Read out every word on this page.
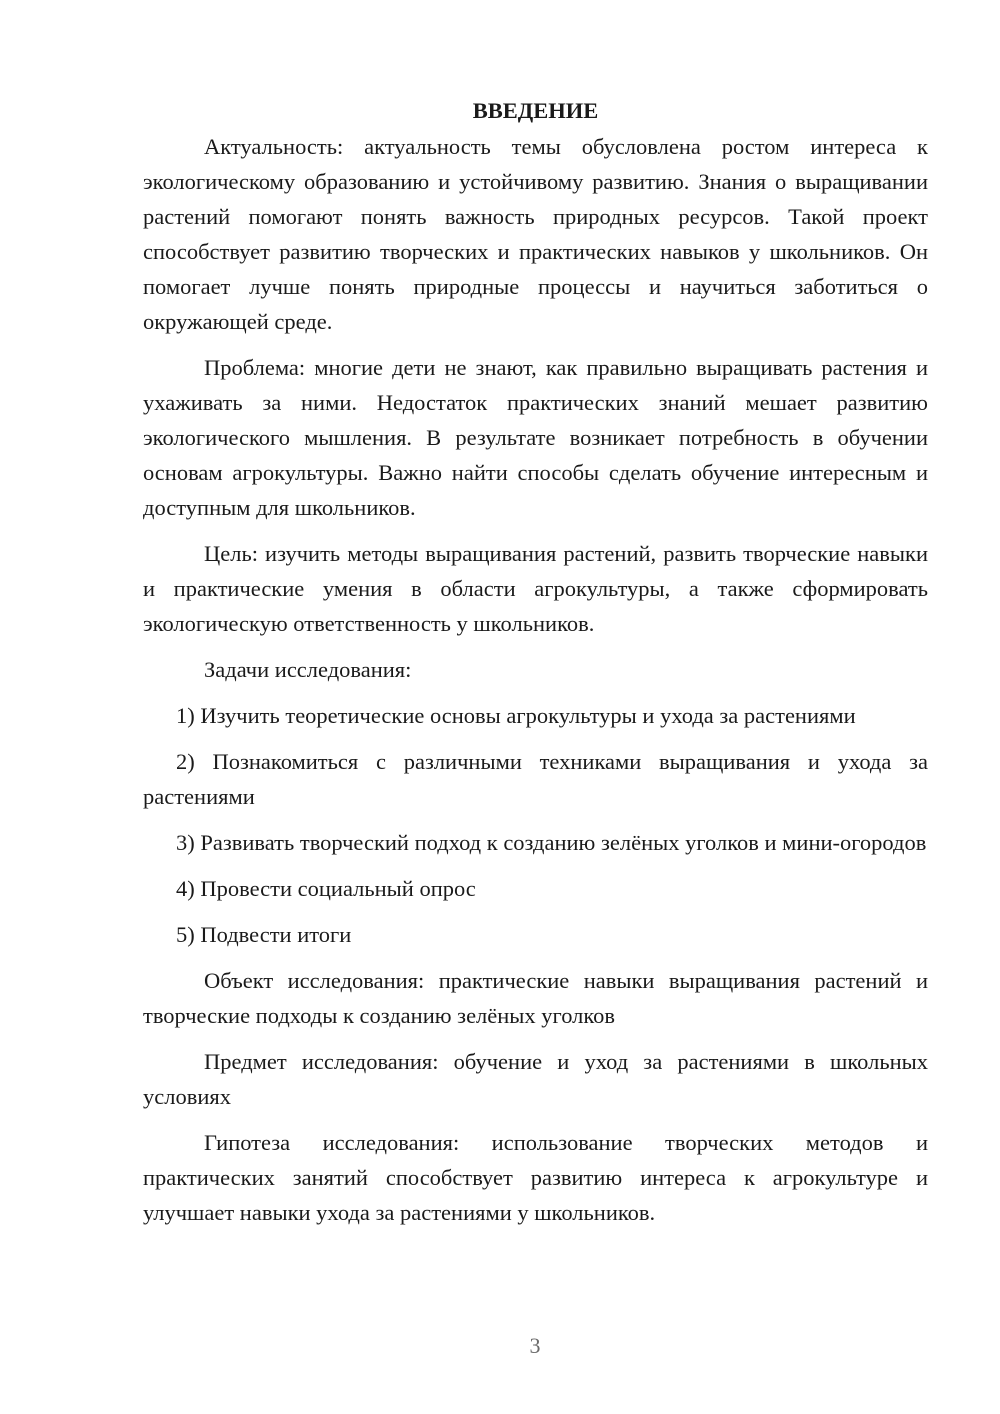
ВВЕДЕНИЕ

Актуальность: актуальность темы обусловлена ростом интереса к экологическому образованию и устойчивому развитию. Знания о выращивании растений помогают понять важность природных ресурсов. Такой проект способствует развитию творческих и практических навыков у школьников. Он помогает лучше понять природные процессы и научиться заботиться о окружающей среде.

Проблема: многие дети не знают, как правильно выращивать растения и ухаживать за ними. Недостаток практических знаний мешает развитию экологического мышления. В результате возникает потребность в обучении основам агрокультуры. Важно найти способы сделать обучение интересным и доступным для школьников.

Цель: изучить методы выращивания растений, развить творческие навыки и практические умения в области агрокультуры, а также сформировать экологическую ответственность у школьников.

Задачи исследования:

1) Изучить теоретические основы агрокультуры и ухода за растениями

2) Познакомиться с различными техниками выращивания и ухода за растениями

3) Развивать творческий подход к созданию зелёных уголков и мини-огородов

4) Провести социальный опрос

5) Подвести итоги

Объект исследования: практические навыки выращивания растений и творческие подходы к созданию зелёных уголков

Предмет исследования: обучение и уход за растениями в школьных условиях

Гипотеза исследования: использование творческих методов и практических занятий способствует развитию интереса к агрокультуре и улучшает навыки ухода за растениями у школьников.

3
